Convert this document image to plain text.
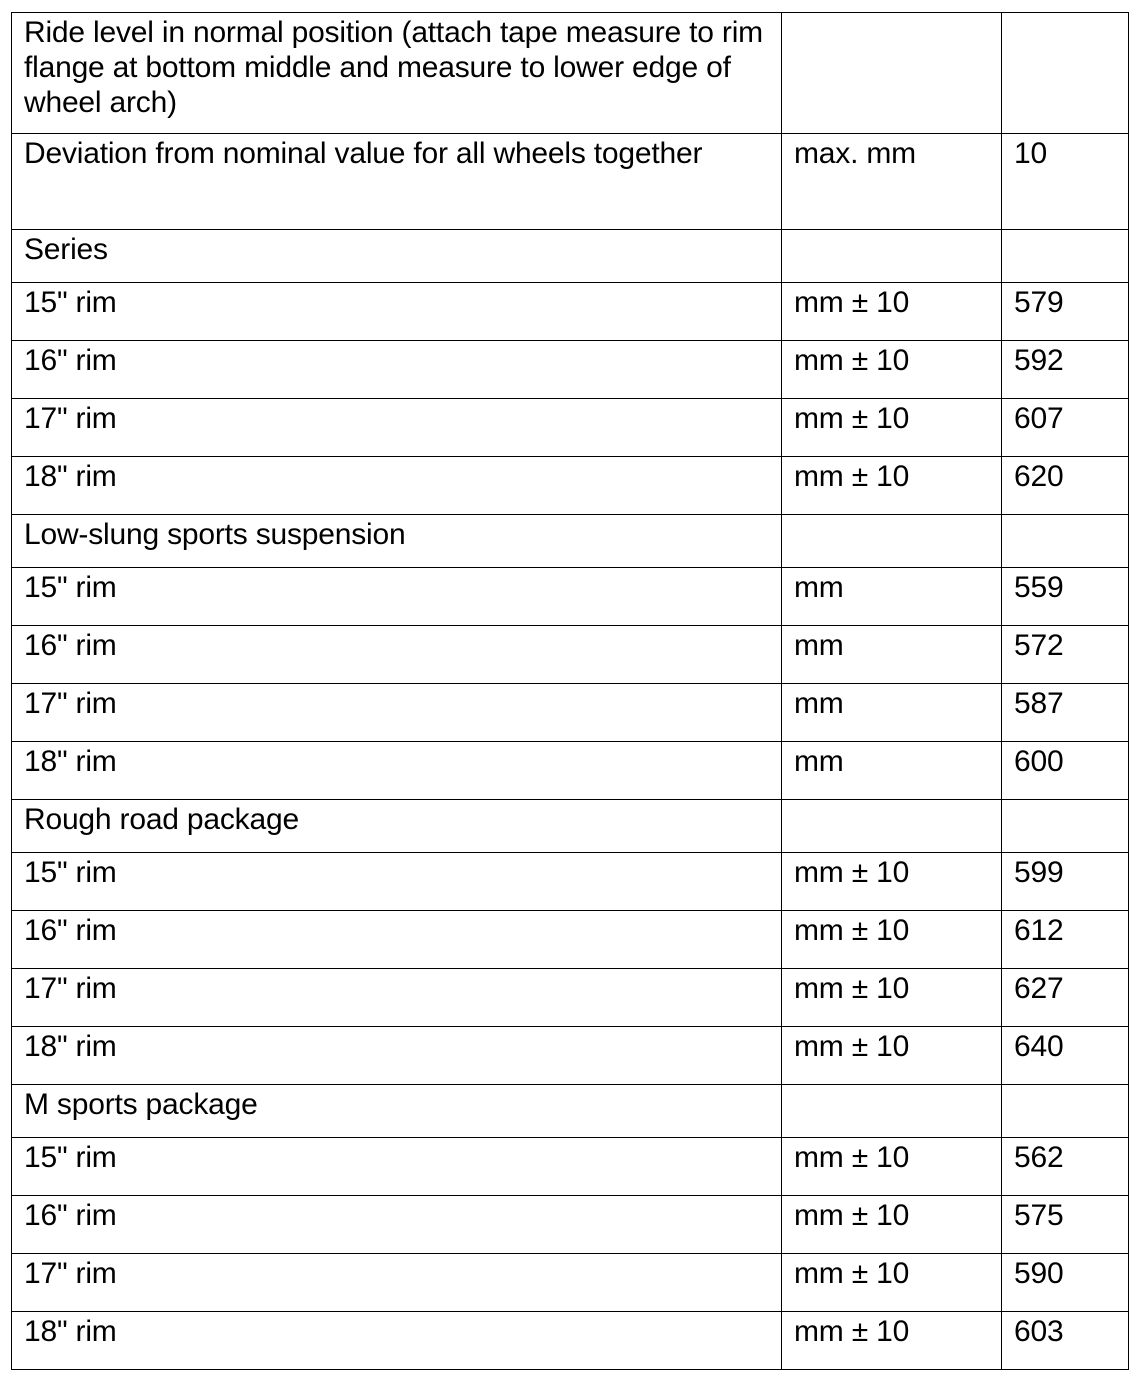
Ride level in normal position (attach tape measure to rim flange at bottom middle and measure to lower edge of wheel arch)		
Deviation from nominal value for all wheels together	max. mm	10
Series		
15" rim	mm ± 10	579
16" rim	mm ± 10	592
17" rim	mm ± 10	607
18" rim	mm ± 10	620
Low-slung sports suspension		
15" rim	mm	559
16" rim	mm	572
17" rim	mm	587
18" rim	mm	600
Rough road package		
15" rim	mm ± 10	599
16" rim	mm ± 10	612
17" rim	mm ± 10	627
18" rim	mm ± 10	640
M sports package		
15" rim	mm ± 10	562
16" rim	mm ± 10	575
17" rim	mm ± 10	590
18" rim	mm ± 10	603
